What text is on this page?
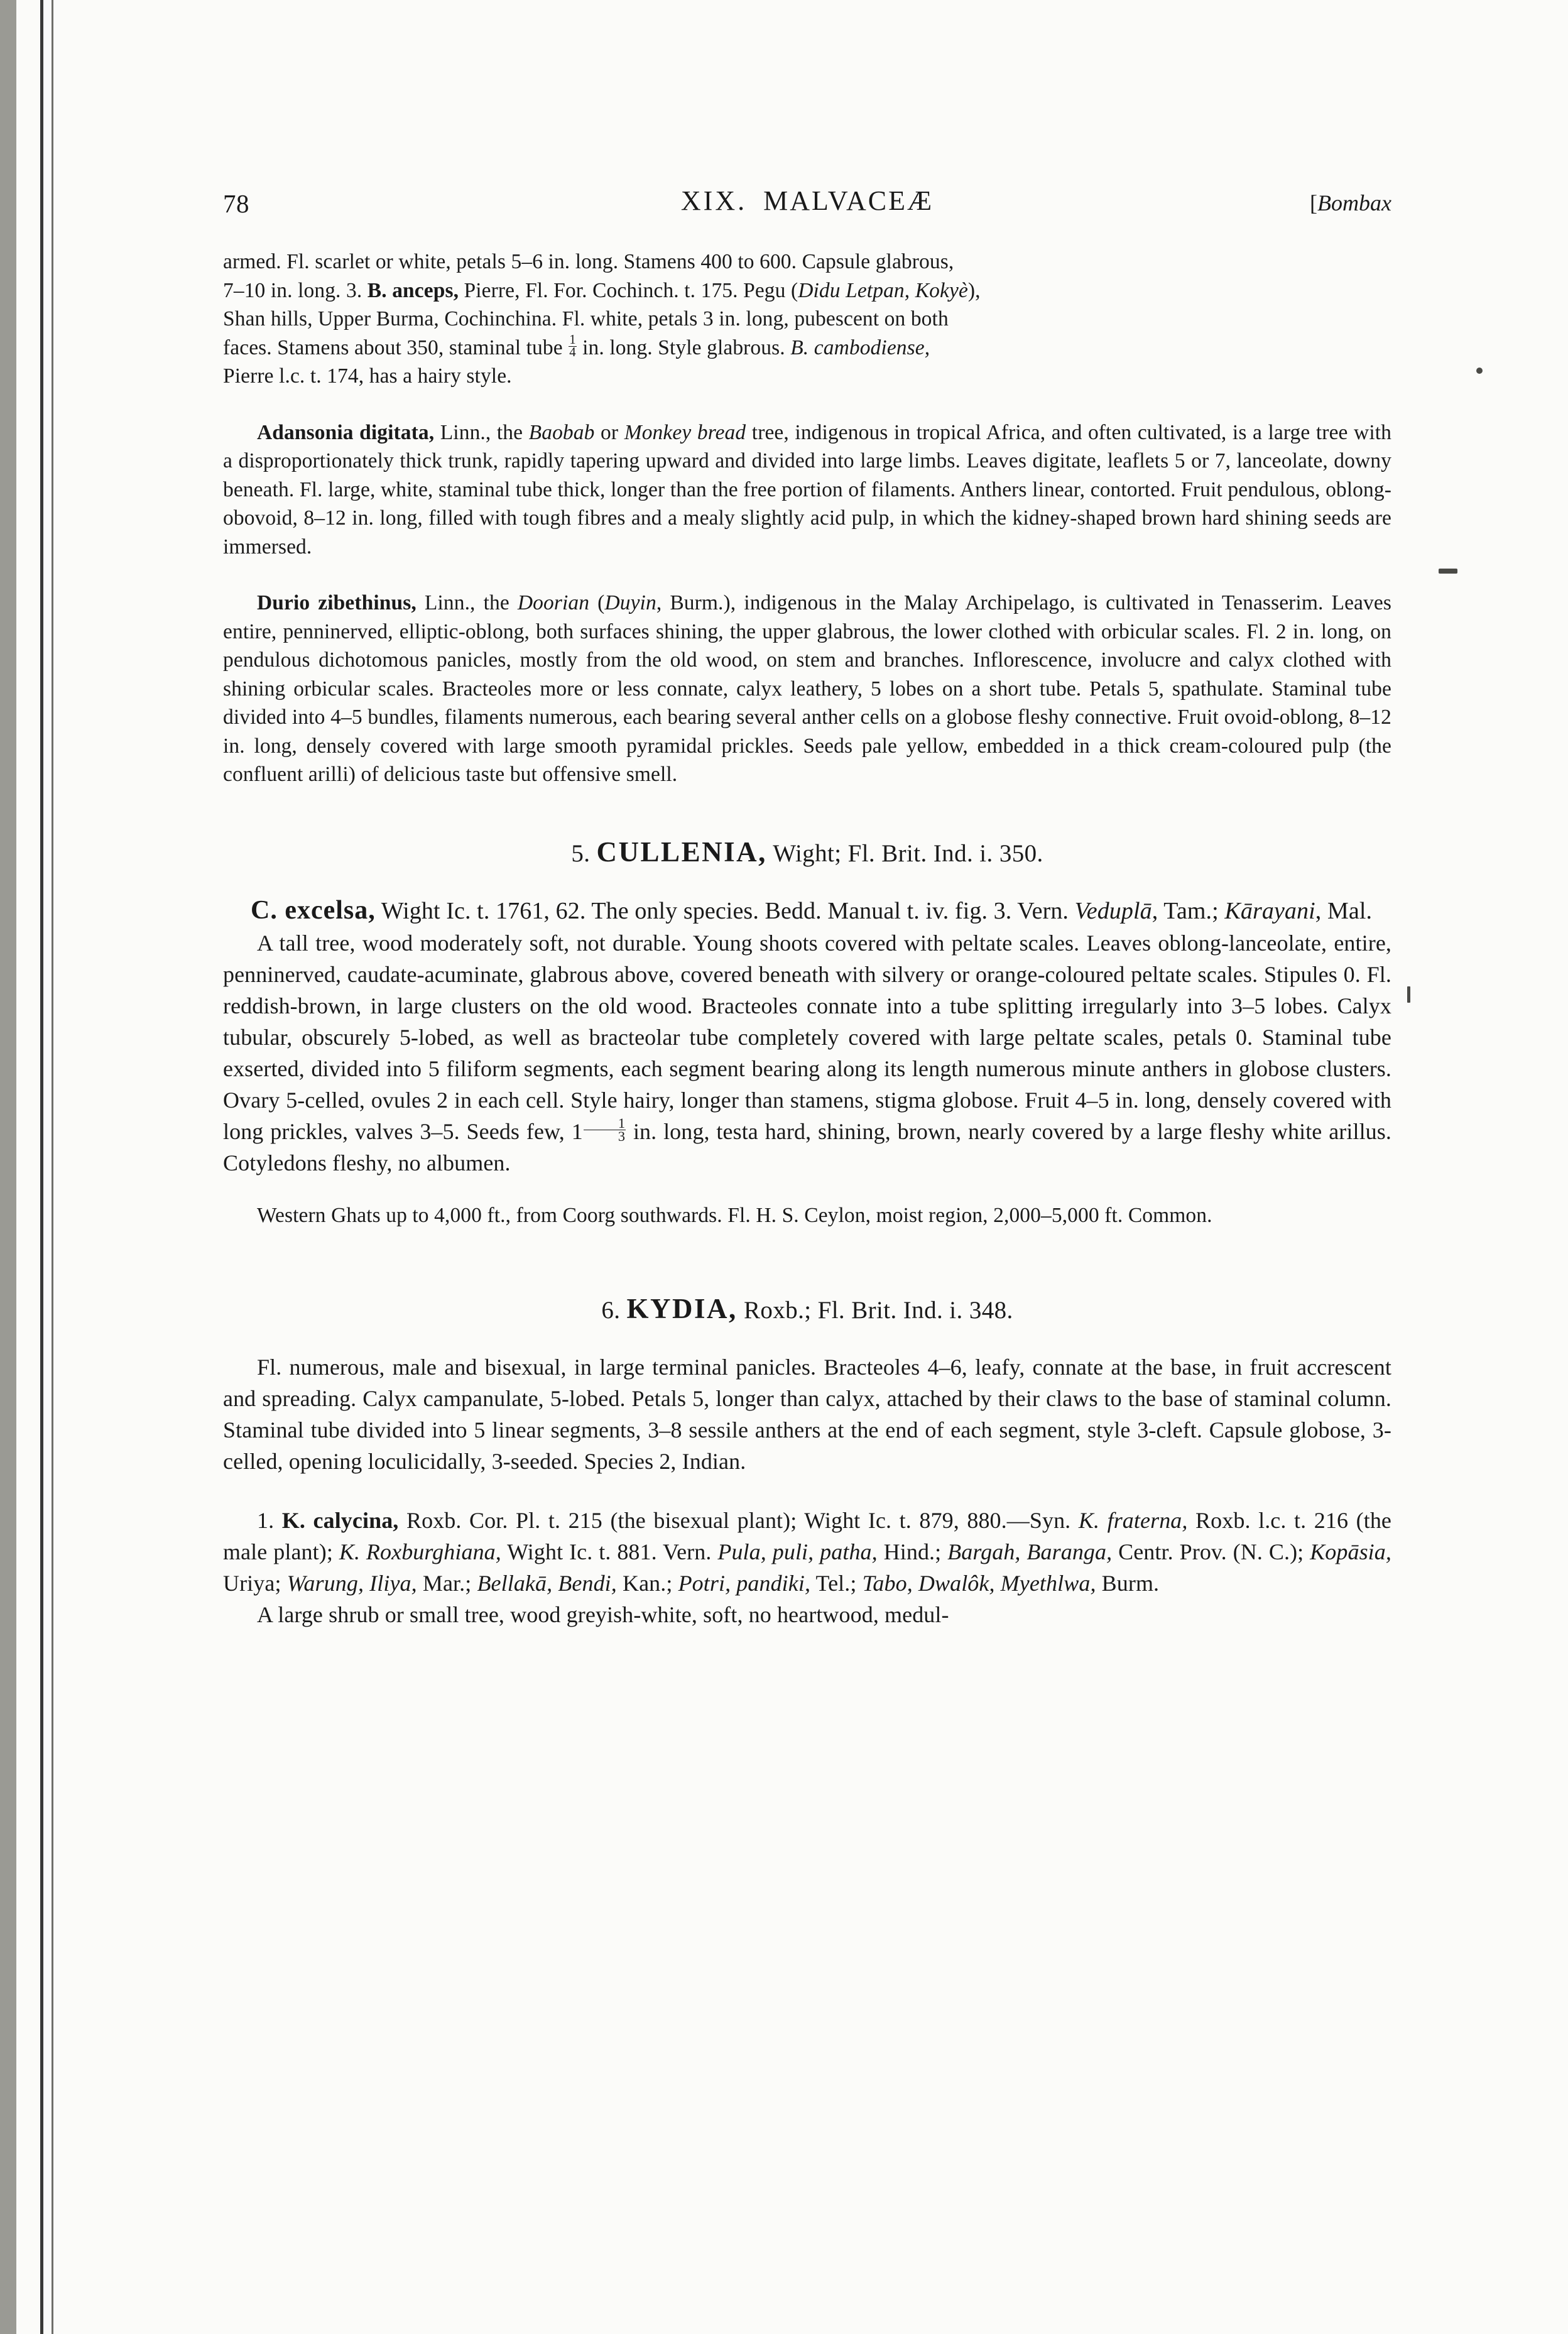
78	XIX. MALVACEÆ	[Bombax

armed. Fl. scarlet or white, petals 5–6 in. long. Stamens 400 to 600. Capsule glabrous,
7–10 in. long. 3. B. anceps, Pierre, Fl. For. Cochinch. t. 175. Pegu (Didu Letpan, Kokyè),
Shan hills, Upper Burma, Cochinchina. Fl. white, petals 3 in. long, pubescent on both
faces. Stamens about 350, staminal tube $\frac{1}{4}$ in. long. Style glabrous. B. cambodiense,
Pierre l.c. t. 174, has a hairy style.

Adansonia digitata, Linn., the Baobab or Monkey bread tree, indigenous in tropical Africa, and often cultivated, is a large tree with a disproportionately thick trunk, rapidly tapering upward and divided into large limbs. Leaves digitate, leaflets 5 or 7, lanceolate, downy beneath. Fl. large, white, staminal tube thick, longer than the free portion of filaments. Anthers linear, contorted. Fruit pendulous, oblong-obovoid, 8–12 in. long, filled with tough fibres and a mealy slightly acid pulp, in which the kidney-shaped brown hard shining seeds are immersed.

Durio zibethinus, Linn., the Doorian (Duyin, Burm.), indigenous in the Malay Archipelago, is cultivated in Tenasserim. Leaves entire, penninerved, elliptic-oblong, both surfaces shining, the upper glabrous, the lower clothed with orbicular scales. Fl. 2 in. long, on pendulous dichotomous panicles, mostly from the old wood, on stem and branches. Inflorescence, involucre and calyx clothed with shining orbicular scales. Bracteoles more or less connate, calyx leathery, 5 lobes on a short tube. Petals 5, spathulate. Staminal tube divided into 4–5 bundles, filaments numerous, each bearing several anther cells on a globose fleshy connective. Fruit ovoid-oblong, 8–12 in. long, densely covered with large smooth pyramidal prickles. Seeds pale yellow, embedded in a thick cream-coloured pulp (the confluent arilli) of delicious taste but offensive smell.

5. CULLENIA, Wight; Fl. Brit. Ind. i. 350.

C. excelsa, Wight Ic. t. 1761, 62. The only species. Bedd. Manual t. iv. fig. 3. Vern. Veduplā, Tam.; Kārayani, Mal.

A tall tree, wood moderately soft, not durable. Young shoots covered with peltate scales. Leaves oblong-lanceolate, entire, penninerved, caudate-acuminate, glabrous above, covered beneath with silvery or orange-coloured peltate scales. Stipules 0. Fl. reddish-brown, in large clusters on the old wood. Bracteoles connate into a tube splitting irregularly into 3–5 lobes. Calyx tubular, obscurely 5-lobed, as well as bracteolar tube completely covered with large peltate scales, petals 0. Staminal tube exserted, divided into 5 filiform segments, each segment bearing along its length numerous minute anthers in globose clusters. Ovary 5-celled, ovules 2 in each cell. Style hairy, longer than stamens, stigma globose. Fruit 4–5 in. long, densely covered with long prickles, valves 3–5. Seeds few, $1 \frac{1}{3}$ in. long, testa hard, shining, brown, nearly covered by a large fleshy white arillus. Cotyledons fleshy, no albumen.

Western Ghats up to 4,000 ft., from Coorg southwards. Fl. H. S. Ceylon, moist region, 2,000–5,000 ft. Common.

6. KYDIA, Roxb.; Fl. Brit. Ind. i. 348.

Fl. numerous, male and bisexual, in large terminal panicles. Bracteoles 4–6, leafy, connate at the base, in fruit accrescent and spreading. Calyx campanulate, 5-lobed. Petals 5, longer than calyx, attached by their claws to the base of staminal column. Staminal tube divided into 5 linear segments, 3–8 sessile anthers at the end of each segment, style 3-cleft. Capsule globose, 3-celled, opening loculicidally, 3-seeded. Species 2, Indian.

1. K. calycina, Roxb. Cor. Pl. t. 215 (the bisexual plant); Wight Ic. t. 879, 880.—Syn. K. fraterna, Roxb. l.c. t. 216 (the male plant); K. Roxburghiana, Wight Ic. t. 881. Vern. Pula, puli, patha, Hind.; Bargah, Baranga, Centr. Prov. (N. C.); Kopāsia, Uriya; Warung, Iliya, Mar.; Bellakā, Bendi, Kan.; Potri, pandiki, Tel.; Tabo, Dwalôk, Myethlwa, Burm.

A large shrub or small tree, wood greyish-white, soft, no heartwood, medul-
